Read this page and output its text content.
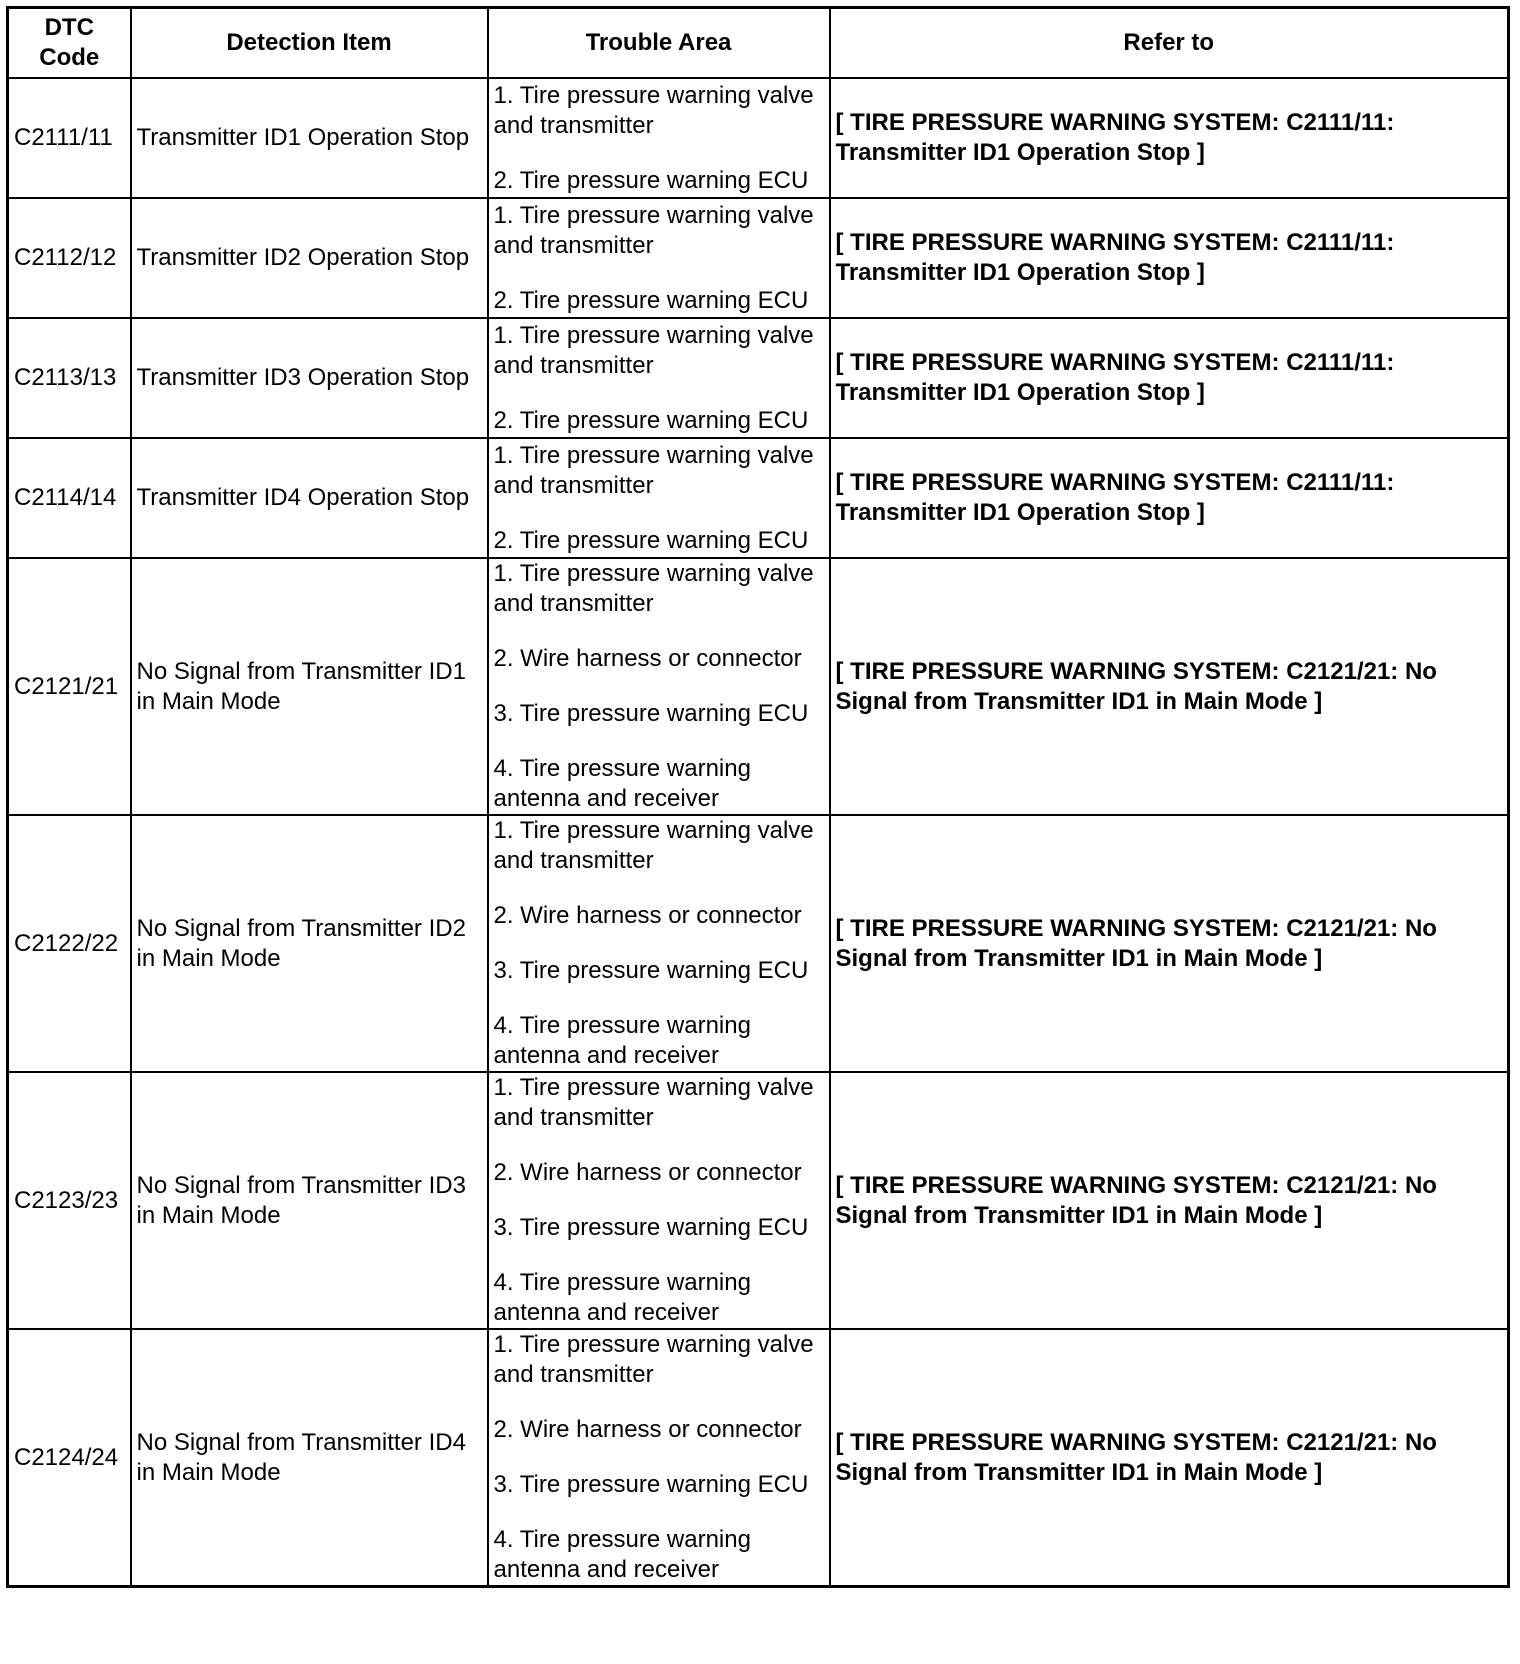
DTC Code	Detection Item	Trouble Area	Refer to
C2111/11	Transmitter ID1 Operation Stop	1. Tire pressure warning valve and transmitter
2. Tire pressure warning ECU	[ TIRE PRESSURE WARNING SYSTEM: C2111/11: Transmitter ID1 Operation Stop ]
C2112/12	Transmitter ID2 Operation Stop	1. Tire pressure warning valve and transmitter
2. Tire pressure warning ECU	[ TIRE PRESSURE WARNING SYSTEM: C2111/11: Transmitter ID1 Operation Stop ]
C2113/13	Transmitter ID3 Operation Stop	1. Tire pressure warning valve and transmitter
2. Tire pressure warning ECU	[ TIRE PRESSURE WARNING SYSTEM: C2111/11: Transmitter ID1 Operation Stop ]
C2114/14	Transmitter ID4 Operation Stop	1. Tire pressure warning valve and transmitter
2. Tire pressure warning ECU	[ TIRE PRESSURE WARNING SYSTEM: C2111/11: Transmitter ID1 Operation Stop ]
C2121/21	No Signal from Transmitter ID1 in Main Mode	1. Tire pressure warning valve and transmitter
2. Wire harness or connector
3. Tire pressure warning ECU
4. Tire pressure warning antenna and receiver	[ TIRE PRESSURE WARNING SYSTEM: C2121/21: No Signal from Transmitter ID1 in Main Mode ]
C2122/22	No Signal from Transmitter ID2 in Main Mode	1. Tire pressure warning valve and transmitter
2. Wire harness or connector
3. Tire pressure warning ECU
4. Tire pressure warning antenna and receiver	[ TIRE PRESSURE WARNING SYSTEM: C2121/21: No Signal from Transmitter ID1 in Main Mode ]
C2123/23	No Signal from Transmitter ID3 in Main Mode	1. Tire pressure warning valve and transmitter
2. Wire harness or connector
3. Tire pressure warning ECU
4. Tire pressure warning antenna and receiver	[ TIRE PRESSURE WARNING SYSTEM: C2121/21: No Signal from Transmitter ID1 in Main Mode ]
C2124/24	No Signal from Transmitter ID4 in Main Mode	1. Tire pressure warning valve and transmitter
2. Wire harness or connector
3. Tire pressure warning ECU
4. Tire pressure warning antenna and receiver	[ TIRE PRESSURE WARNING SYSTEM: C2121/21: No Signal from Transmitter ID1 in Main Mode ]
